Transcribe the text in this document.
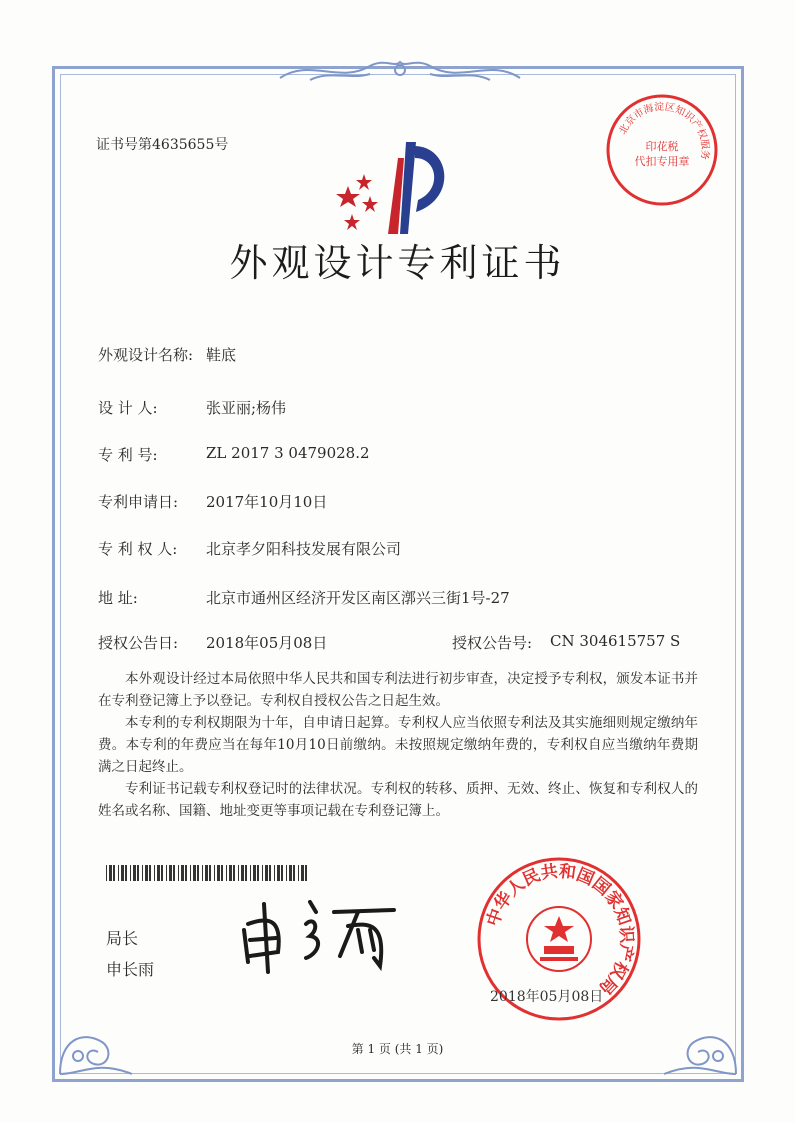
证书号第4635655号
北京市海淀区知识产权服务
印花税
代扣专用章
外观设计专利证书
外观设计名称: 鞋底
设 计 人:	张亚丽;杨伟
专 利 号:	ZL 2017 3 0479028.2
专利申请日: 2017年10月10日
专 利 权 人: 北京孝夕阳科技发展有限公司
地 址:	北京市通州区经济开发区南区漷兴三街1号-27
授权公告日: 2018年05月08日	授权公告号: CN 304615757 S

本外观设计经过本局依照中华人民共和国专利法进行初步审查，决定授予专利权，颁发本证书并在专利登记簿上予以登记。专利权自授权公告之日起生效。

本专利的专利权期限为十年，自申请日起算。专利权人应当依照专利法及其实施细则规定缴纳年费。本专利的年费应当在每年10月10日前缴纳。未按照规定缴纳年费的，专利权自应当缴纳年费期满之日起终止。

专利证书记载专利权登记时的法律状况。专利权的转移、质押、无效、终止、恢复和专利权人的姓名或名称、国籍、地址变更等事项记载在专利登记簿上。

局长
申长雨
中华人民共和国国家知识产权局
2018年05月08日
第 1 页 (共 1 页)
